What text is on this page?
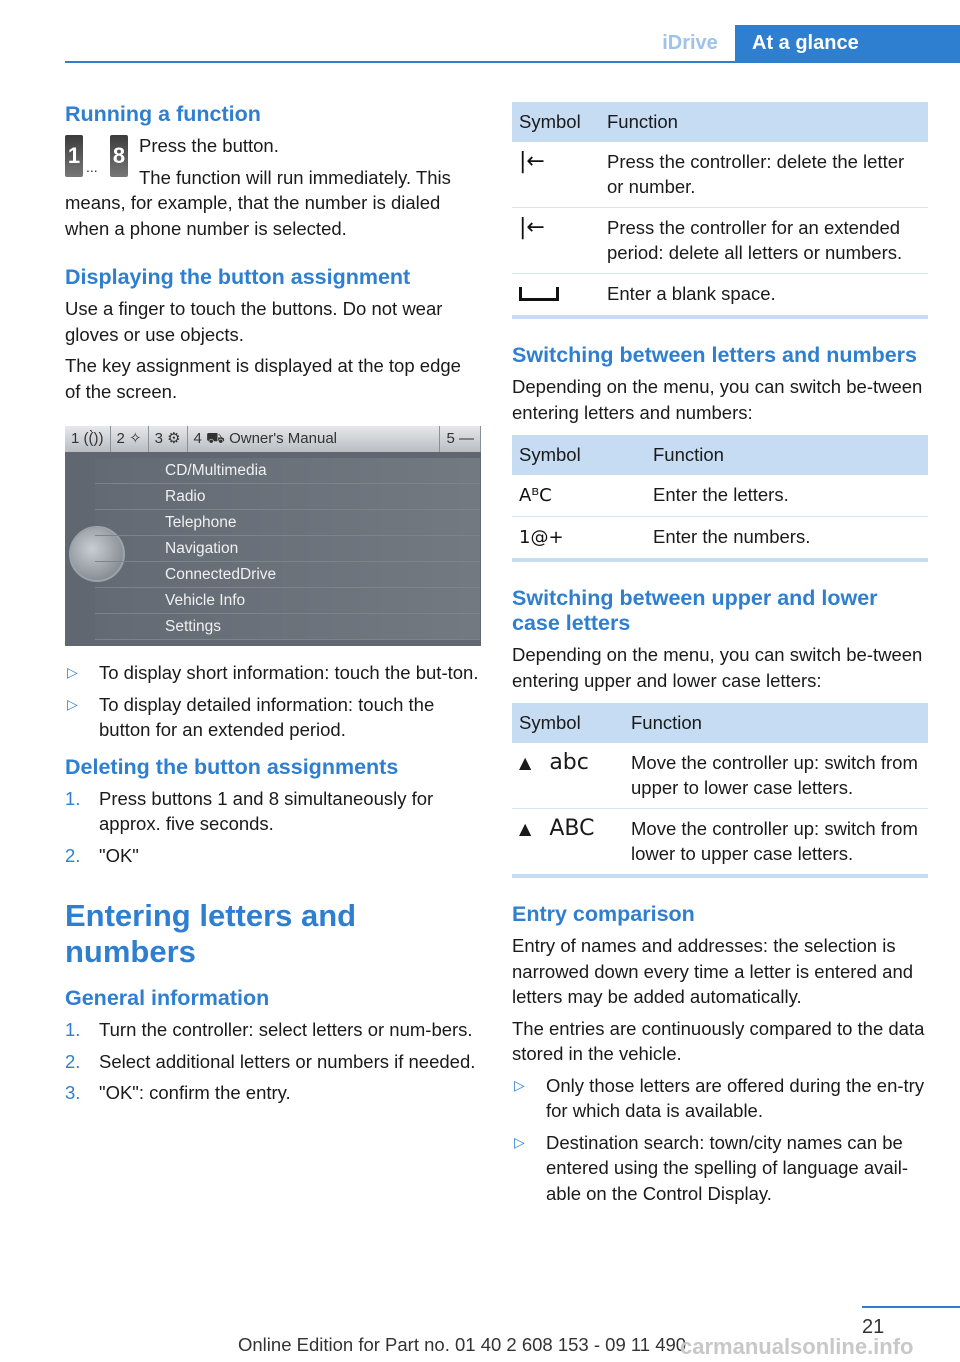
iDrive	At a glance
Running a function
1 ... 8 Press the button.

The function will run immediately. This means, for example, that the number is dialed when a phone number is selected.

Displaying the button assignment

Use a finger to touch the buttons. Do not wear gloves or use objects.

The key assignment is displayed at the top edge of the screen.

1 ((̀)) 2 ✧ 3 ⚙ 4 ⛟ Owner's Manual	5 —
CD/Multimedia
Radio
Telephone
Navigation
ConnectedDrive
Vehicle Info
Settings
▷ To display short information: touch the but-ton.
▷ To display detailed information: touch the button for an extended period.
Deleting the button assignments
1. Press buttons 1 and 8 simultaneously for approx. five seconds.
2. "OK"
Entering letters and numbers
General information
1. Turn the controller: select letters or num-bers.
2. Select additional letters or numbers if needed.
3. "OK": confirm the entry.
Symbol	Function
|←	Press the controller: delete the letter or number.
|←	Press the controller for an extended period: delete all letters or numbers.
	Enter a blank space.
Switching between letters and numbers

Depending on the menu, you can switch be-tween entering letters and numbers:

Symbol	Function
AᴮC	Enter the letters.
1@+	Enter the numbers.
Switching between upper and lower case letters

Depending on the menu, you can switch be-tween entering upper and lower case letters:

Symbol	Function

▲ abc	Move the controller up: switch from upper to lower case letters.

▲ ABC	Move the controller up: switch from lower to upper case letters.
Entry comparison

Entry of names and addresses: the selection is narrowed down every time a letter is entered and letters may be added automatically.

The entries are continuously compared to the data stored in the vehicle.

▷ Only those letters are offered during the en-try for which data is available.
▷ Destination search: town/city names can be entered using the spelling of language avail-able on the Control Display.
21
Online Edition for Part no. 01 40 2 608 153 - 09 11 490
carmanualsonline.info
